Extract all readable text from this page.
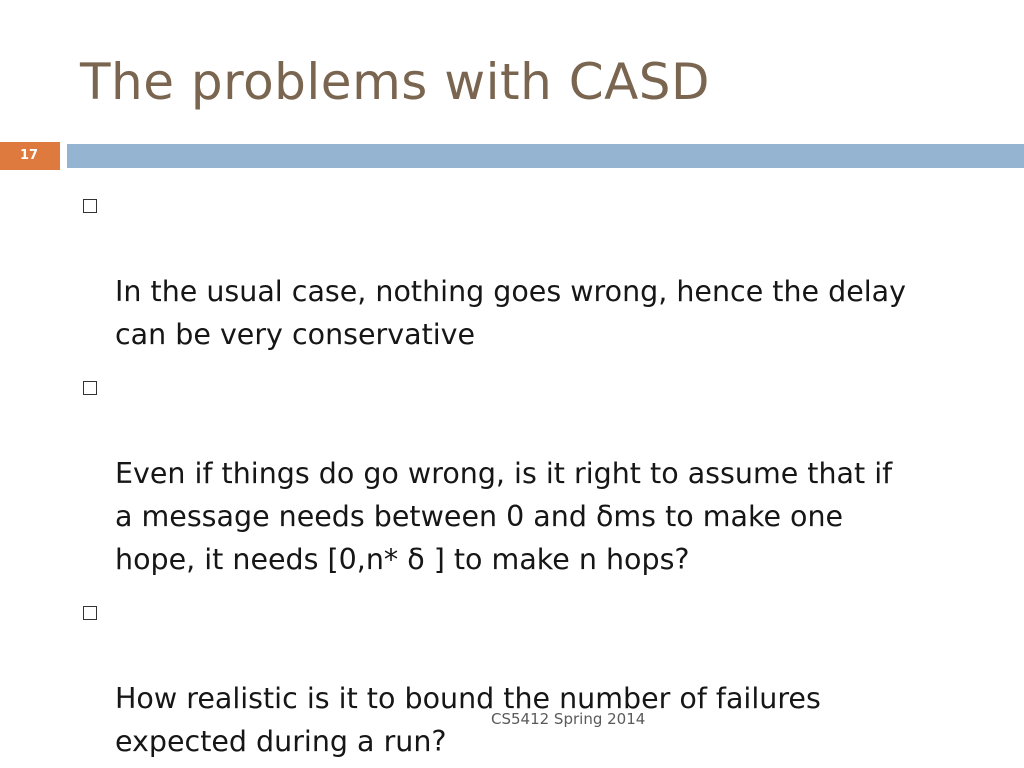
The problems with CASD
17

In the usual case, nothing goes wrong, hence the delay
can be very conservative

Even if things do go wrong, is it right to assume that if
a message needs between 0 and δms to make one
hope, it needs [0,n* δ ] to make n hops?

How realistic is it to bound the number of failures
expected during a run?

CS5412 Spring 2014
